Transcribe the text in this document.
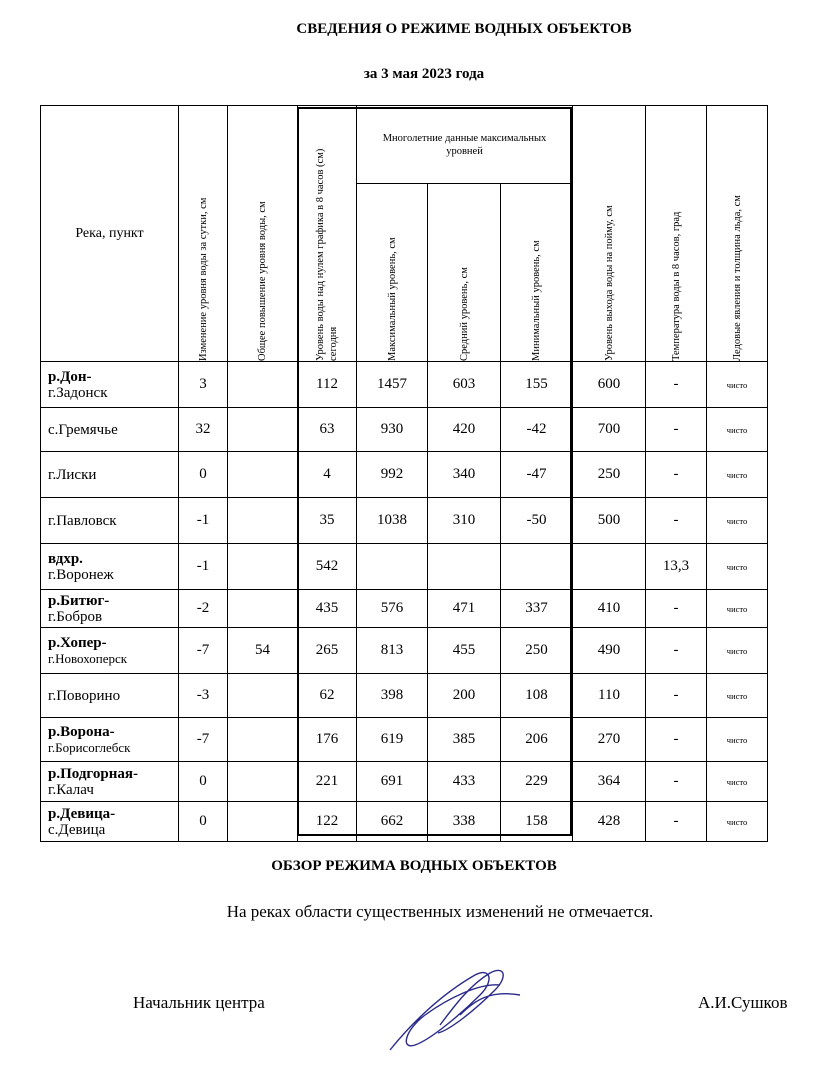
СВЕДЕНИЯ О РЕЖИМЕ ВОДНЫХ ОБЪЕКТОВ
за 3 мая 2023 года
Река, пункт	Изменение уровня воды за сутки, см	Общее повышение уровня воды, см	Уровень воды над нулем графика в 8 часов (см) сегодня	Многолетние данные максимальных уровней			Уровень выхода воды на пойму, см	Температура воды в 8 часов, град	Ледовые явления и толщина льда, см

				Максимальный уровень, см	Средний уровень, см	Минимальный уровень, см			

р.Дон-
г.Задонск	3		112	1457	603	155	600	-	чисто
с.Гремячье	32		63	930	420	-42	700	-	чисто
г.Лиски	0		4	992	340	-47	250	-	чисто
г.Павловск	-1		35	1038	310	-50	500	-	чисто
вдхр.
г.Воронеж	-1		542					13,3	чисто
р.Битюг-
г.Бобров	-2		435	576	471	337	410	-	чисто
р.Хопер-
г.Новохоперск	-7	54	265	813	455	250	490	-	чисто
г.Поворино	-3		62	398	200	108	110	-	чисто
р.Ворона-
г.Борисоглебск	-7		176	619	385	206	270	-	чисто
р.Подгорная-
г.Калач	0		221	691	433	229	364	-	чисто
р.Девица-
с.Девица	0		122	662	338	158	428	-	чисто
ОБЗОР РЕЖИМА ВОДНЫХ ОБЪЕКТОВ
На реках области существенных изменений не отмечается.
Начальник центра	А.И.Сушков
